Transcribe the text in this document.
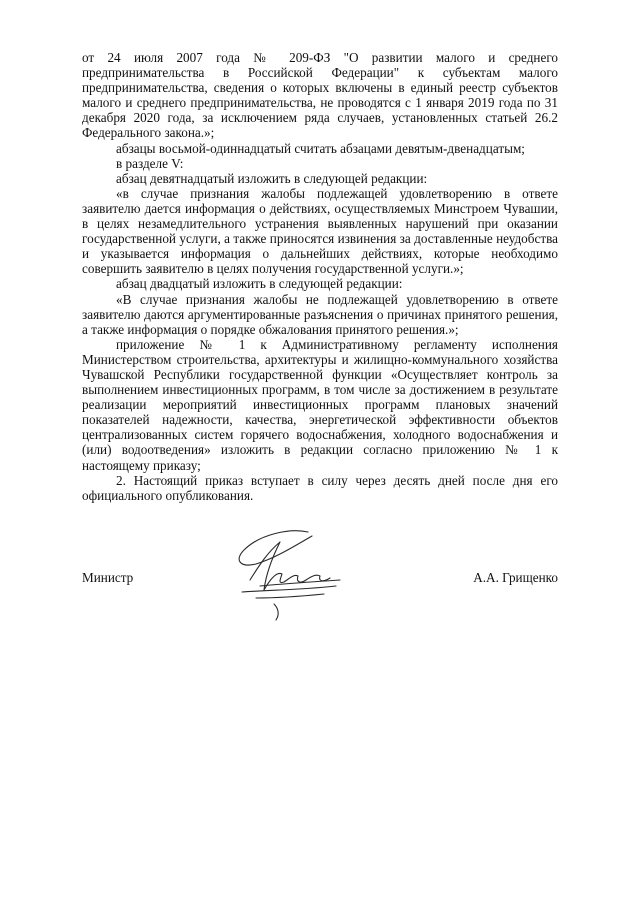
от 24 июля 2007 года № 209-ФЗ "О развитии малого и среднего предпринимательства в Российской Федерации" к субъектам малого предпринимательства, сведения о которых включены в единый реестр субъектов малого и среднего предпринимательства, не проводятся с 1 января 2019 года по 31 декабря 2020 года, за исключением ряда случаев, установленных статьей 26.2 Федерального закона.»;

абзацы восьмой-одиннадцатый считать абзацами девятым-двенадцатым;

в разделе V:

абзац девятнадцатый изложить в следующей редакции:

«в случае признания жалобы подлежащей удовлетворению в ответе заявителю дается информация о действиях, осуществляемых Минстроем Чувашии, в целях незамедлительного устранения выявленных нарушений при оказании государственной услуги, а также приносятся извинения за доставленные неудобства и указывается информация о дальнейших действиях, которые необходимо совершить заявителю в целях получения государственной услуги.»;

абзац двадцатый изложить в следующей редакции:

«В случае признания жалобы не подлежащей удовлетворению в ответе заявителю даются аргументированные разъяснения о причинах принятого решения, а также информация о порядке обжалования принятого решения.»;

приложение № 1 к Административному регламенту исполнения Министерством строительства, архитектуры и жилищно-коммунального хозяйства Чувашской Республики государственной функции «Осуществляет контроль за выполнением инвестиционных программ, в том числе за достижением в результате реализации мероприятий инвестиционных программ плановых значений показателей надежности, качества, энергетической эффективности объектов централизованных систем горячего водоснабжения, холодного водоснабжения и (или) водоотведения» изложить в редакции согласно приложению № 1 к настоящему приказу;

2. Настоящий приказ вступает в силу через десять дней после дня его официального опубликования.

Министр	А.А. Грищенко
